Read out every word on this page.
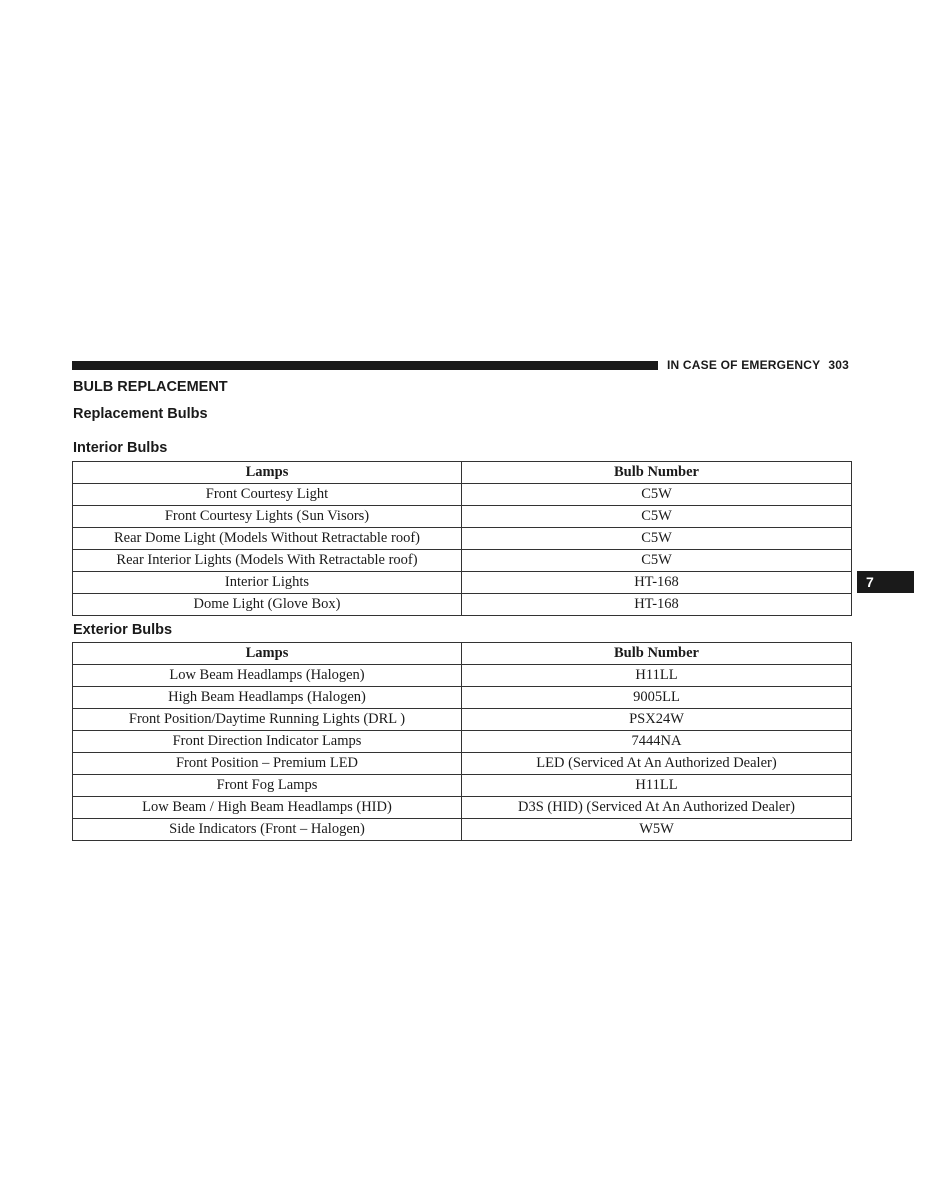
IN CASE OF EMERGENCY 303
BULB REPLACEMENT
Replacement Bulbs
Interior Bulbs
Lamps	Bulb Number
Front Courtesy Light	C5W
Front Courtesy Lights (Sun Visors)	C5W
Rear Dome Light (Models Without Retractable roof)	C5W
Rear Interior Lights (Models With Retractable roof)	C5W
Interior Lights	HT-168
Dome Light (Glove Box)	HT-168
Exterior Bulbs
Lamps	Bulb Number
Low Beam Headlamps (Halogen)	H11LL
High Beam Headlamps (Halogen)	9005LL
Front Position/Daytime Running Lights (DRL )	PSX24W
Front Direction Indicator Lamps	7444NA
Front Position – Premium LED	LED (Serviced At An Authorized Dealer)
Front Fog Lamps	H11LL
Low Beam / High Beam Headlamps (HID)	D3S (HID) (Serviced At An Authorized Dealer)
Side Indicators (Front – Halogen)	W5W
7
